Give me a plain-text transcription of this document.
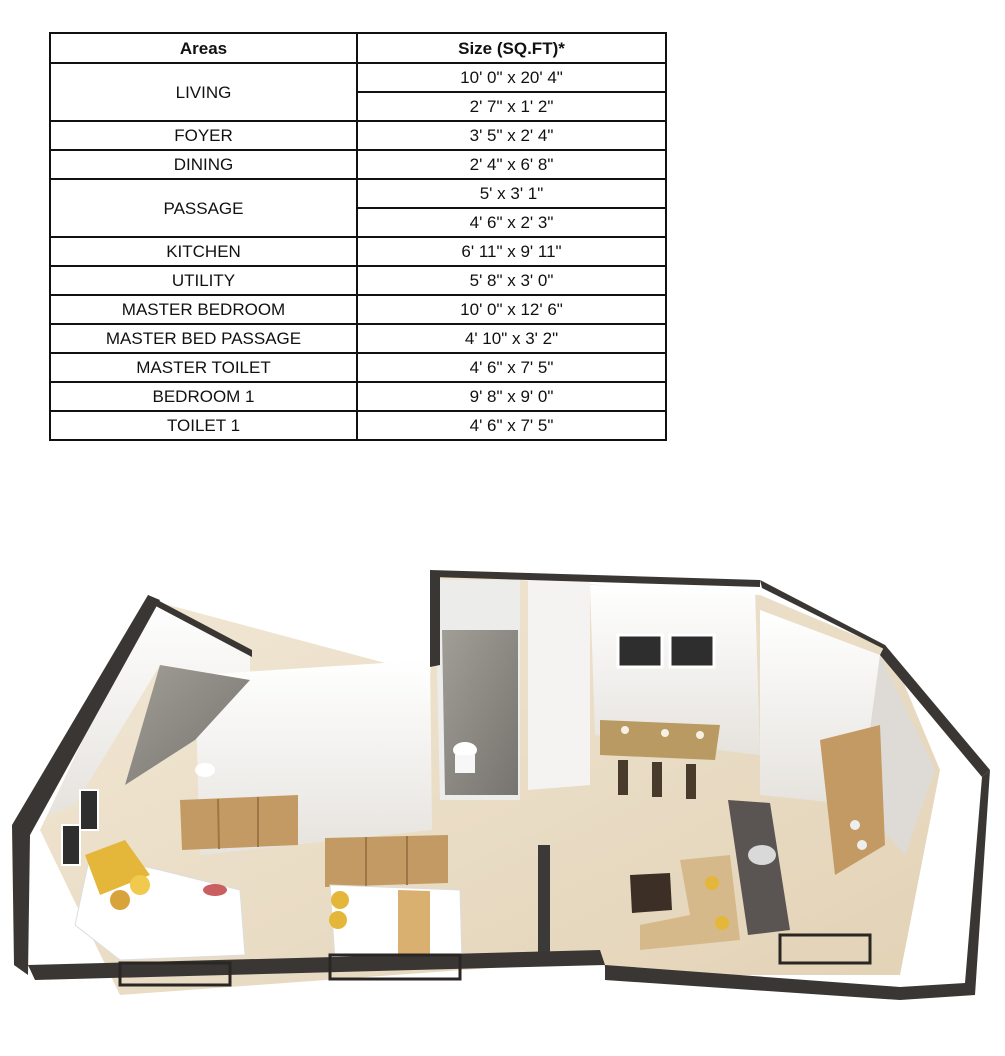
Areas	Size (SQ.FT)*
LIVING	10' 0" x 20' 4"
	2' 7" x 1' 2"
FOYER	3' 5" x 2' 4"
DINING	2' 4" x 6' 8"
PASSAGE	5' x 3' 1"
	4' 6" x 2' 3"
KITCHEN	6' 11" x 9' 11"
UTILITY	5' 8" x 3' 0"
MASTER BEDROOM	10' 0" x 12' 6"
MASTER BED PASSAGE	4' 10" x 3' 2"
MASTER TOILET	4' 6" x 7' 5"
BEDROOM 1	9' 8" x 9' 0"
TOILET 1	4' 6" x 7' 5"
